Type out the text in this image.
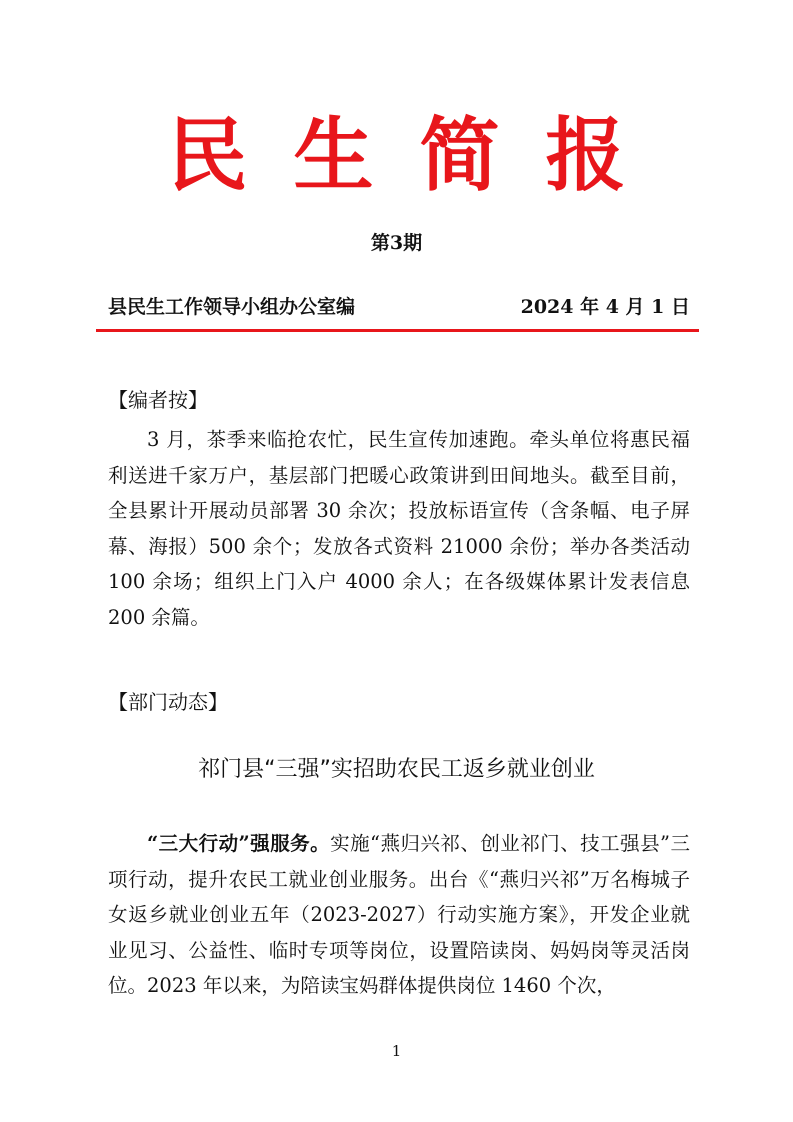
民 生 简 报
第3期
县民生工作领导小组办公室编	2024 年 4 月 1 日
【编者按】

3 月，茶季来临抢农忙，民生宣传加速跑。牵头单位将惠民福利送进千家万户，基层部门把暖心政策讲到田间地头。截至目前，全县累计开展动员部署 30 余次；投放标语宣传（含条幅、电子屏幕、海报）500 余个；发放各式资料 21000 余份；举办各类活动 100 余场；组织上门入户 4000 余人；在各级媒体累计发表信息 200 余篇。

【部门动态】
祁门县“三强”实招助农民工返乡就业创业

“三大行动”强服务。实施“燕归兴祁、创业祁门、技工强县”三项行动，提升农民工就业创业服务。出台《“燕归兴祁”万名梅城子女返乡就业创业五年（2023-2027）行动实施方案》，开发企业就业见习、公益性、临时专项等岗位，设置陪读岗、妈妈岗等灵活岗位。2023 年以来，为陪读宝妈群体提供岗位 1460 个次，

1
